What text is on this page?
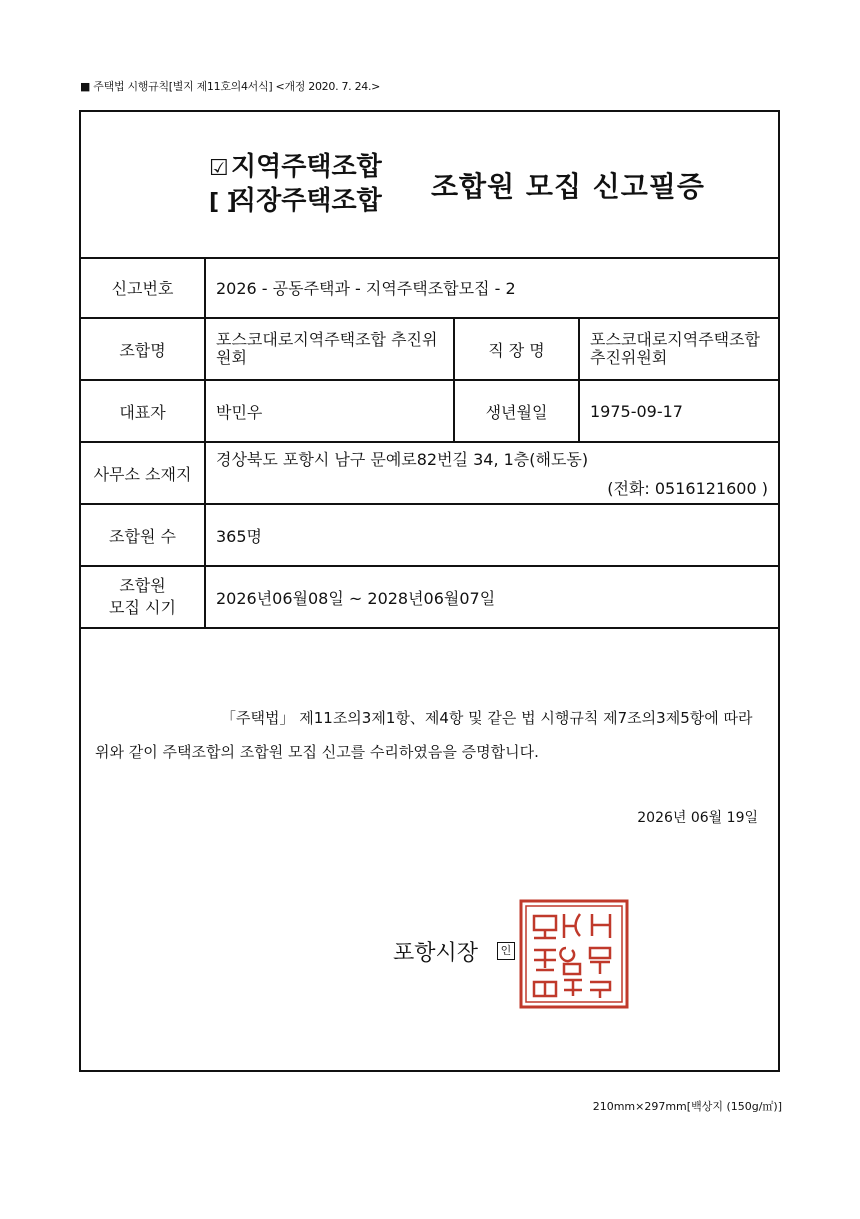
■ 주택법 시행규칙[별지 제11호의4서식] <개정 2020. 7. 24.>
☑지역주택조합
[ ]직장주택조합 조합원 모집 신고필증
신고번호	2026 - 공동주택과 - 지역주택조합모집 - 2		
조합명	포스코대로지역주택조합 추진위원회	직 장 명	포스코대로지역주택조합 추진위원회
대표자	박민우	생년월일	1975-09-17
사무소 소재지	경상북도 포항시 남구 문예로82번길 34, 1층(해도동)
(전화: 0516121600 )		

조합원 수	365명		

조합원
모집 시기	2026년06월08일 ~ 2028년06월07일		
「주택법」 제11조의3제1항、제4항 및 같은 법 시행규칙 제7조의3제5항에 따라
위와 같이 주택조합의 조합원 모집 신고를 수리하였음을 증명합니다.
2026년 06월 19일
포항시장	인
210mm×297mm[백상지 (150g/㎡)]
